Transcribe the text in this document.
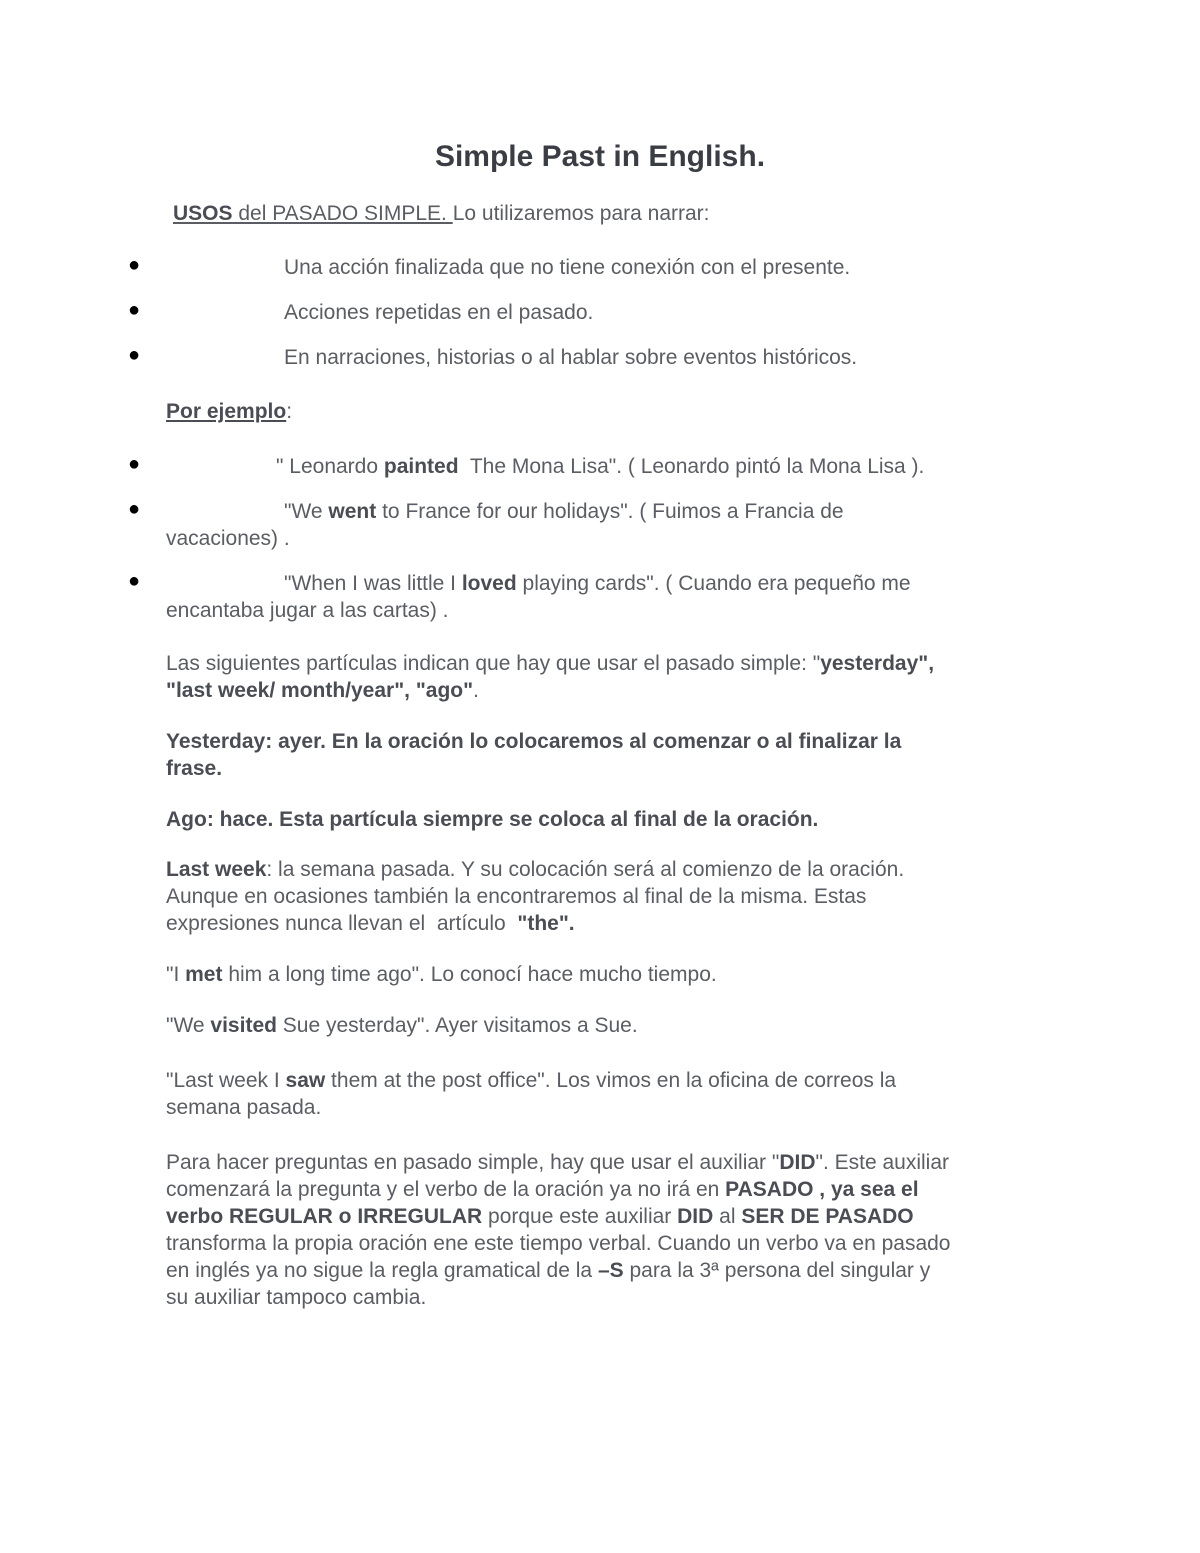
Simple Past in English.
USOS del PASADO SIMPLE. Lo utilizaremos para narrar:
●	Una acción finalizada que no tiene conexión con el presente.
●	Acciones repetidas en el pasado.
●	En narraciones, historias o al hablar sobre eventos históricos.
Por ejemplo:
●	" Leonardo painted  The Mona Lisa". ( Leonardo pintó la Mona Lisa ).
●	"We went to France for our holidays". ( Fuimos a Francia de
vacaciones) .
●	"When I was little I loved playing cards". ( Cuando era pequeño me
encantaba jugar a las cartas) .
Las siguientes partículas indican que hay que usar el pasado simple: "yesterday",
"last week/ month/year", "ago".
Yesterday: ayer. En la oración lo colocaremos al comenzar o al finalizar la
frase.
Ago: hace. Esta partícula siempre se coloca al final de la oración.
Last week: la semana pasada. Y su colocación será al comienzo de la oración.
Aunque en ocasiones también la encontraremos al final de la misma. Estas
expresiones nunca llevan el  artículo  "the".
"I met him a long time ago". Lo conocí hace mucho tiempo.
"We visited Sue yesterday". Ayer visitamos a Sue.
"Last week I saw them at the post office". Los vimos en la oficina de correos la
semana pasada.
Para hacer preguntas en pasado simple, hay que usar el auxiliar "DID". Este auxiliar
comenzará la pregunta y el verbo de la oración ya no irá en PASADO , ya sea el
verbo REGULAR o IRREGULAR porque este auxiliar DID al SER DE PASADO
transforma la propia oración ene este tiempo verbal. Cuando un verbo va en pasado
en inglés ya no sigue la regla gramatical de la –S para la 3ª persona del singular y
su auxiliar tampoco cambia.
